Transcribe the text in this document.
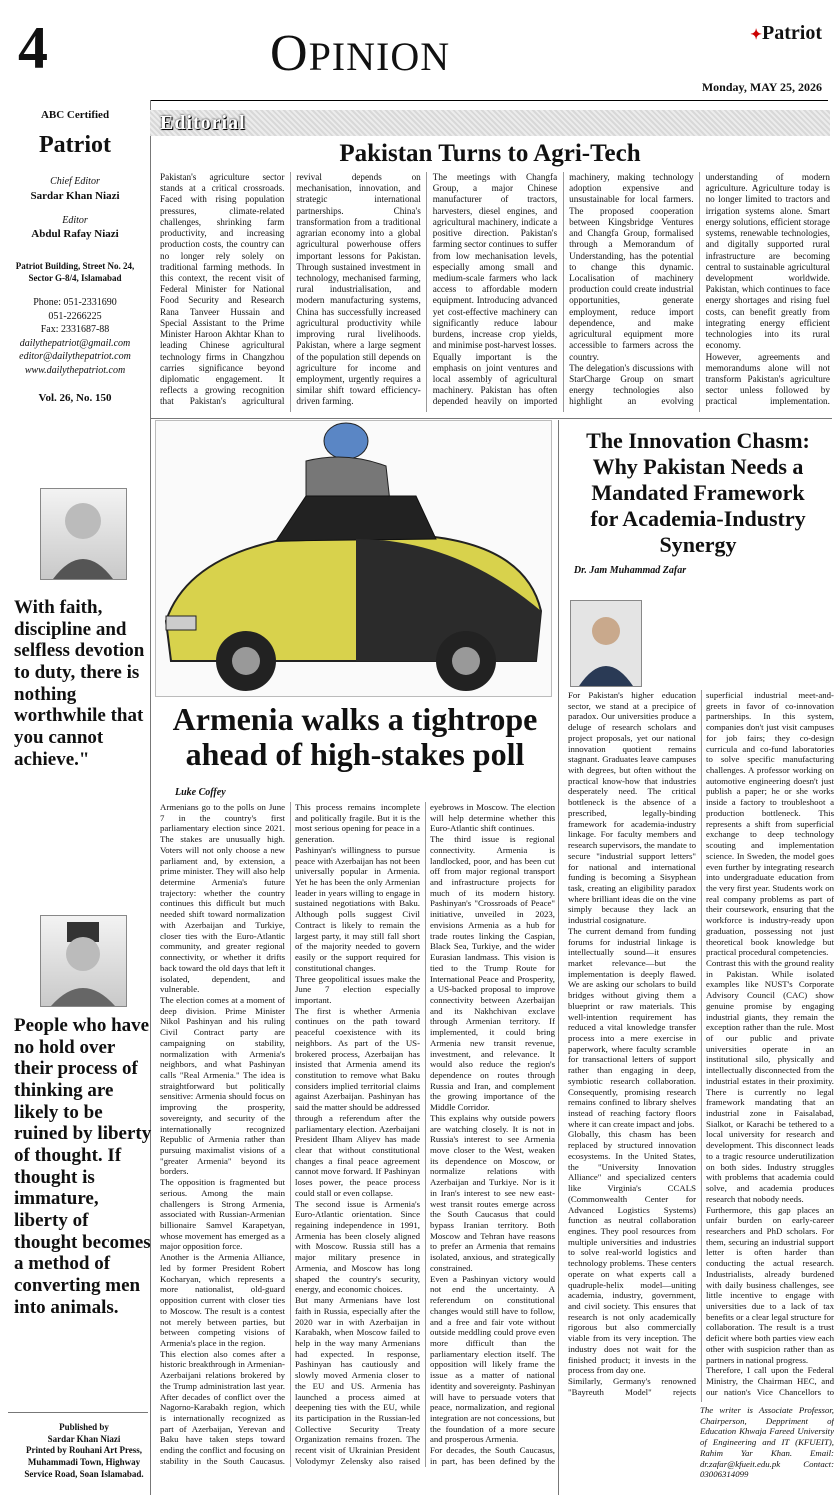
4	OPINION	✦Patriot
Monday, MAY 25, 2026
ABC Certified
Patriot
Chief Editor
Sardar Khan Niazi
Editor
Abdul Rafay Niazi
Patriot Building, Street No. 24,
Sector G-8/4, Islamabad
Phone: 051-2331690
051-2266225
Fax: 2331687-88
dailythepatriot@gmail.com
editor@dailythepatriot.com
www.dailythepatriot.com
Vol. 26, No. 150
Editorial
Pakistan Turns to Agri-Tech

Pakistan's agriculture sector stands at a critical crossroads. Faced with rising population pressures, climate-related challenges, shrinking farm productivity, and increasing production costs, the country can no longer rely solely on traditional farming methods. In this context, the recent visit of Federal Minister for National Food Security and Research Rana Tanveer Hussain and Special Assistant to the Prime Minister Haroon Akhtar Khan to leading Chinese agricultural technology firms in Changzhou carries significance beyond diplomatic engagement. It reflects a growing recognition that Pakistan's agricultural revival depends on mechanisation, innovation, and strategic international partnerships. China's transformation from a traditional agrarian economy into a global agricultural powerhouse offers important lessons for Pakistan. Through sustained investment in technology, mechanised farming, rural industrialisation, and modern manufacturing systems, China has successfully increased agricultural productivity while improving rural livelihoods. Pakistan, where a large segment of the population still depends on agriculture for income and employment, urgently requires a similar shift toward efficiency-driven farming.

The meetings with Changfa Group, a major Chinese manufacturer of tractors, harvesters, diesel engines, and agricultural machinery, indicate a positive direction. Pakistan's farming sector continues to suffer from low mechanisation levels, especially among small and medium-scale farmers who lack access to affordable modern equipment. Introducing advanced yet cost-effective machinery can significantly reduce labour burdens, increase crop yields, and minimise post-harvest losses.

Equally important is the emphasis on joint ventures and local assembly of agricultural machinery. Pakistan has often depended heavily on imported machinery, making technology adoption expensive and unsustainable for local farmers. The proposed cooperation between Kingsbridge Ventures and Changfa Group, formalised through a Memorandum of Understanding, has the potential to change this dynamic. Localisation of machinery production could create industrial opportunities, generate employment, reduce import dependence, and make agricultural equipment more accessible to farmers across the country.

The delegation's discussions with StarCharge Group on smart energy technologies also highlight an evolving understanding of modern agriculture. Agriculture today is no longer limited to tractors and irrigation systems alone. Smart energy solutions, efficient storage systems, renewable technologies, and digitally supported rural infrastructure are becoming central to sustainable agricultural development worldwide. Pakistan, which continues to face energy shortages and rising fuel costs, can benefit greatly from integrating energy efficient technologies into its rural economy.

However, agreements and memorandums alone will not transform Pakistan's agriculture sector unless followed by practical implementation.

With faith, discipline and selfless devotion to duty, there is nothing worthwhile that you cannot achieve."
People who have no hold over their process of thinking are likely to be ruined by liberty of thought. If thought is immature, liberty of thought becomes a method of converting men into animals.
Published by
Sardar Khan Niazi
Printed by Rouhani Art Press,
Muhammadi Town, Highway
Service Road, Soan Islamabad.
Armenia walks a tightrope
ahead of high-stakes poll
Luke Coffey

Armenians go to the polls on June 7 in the country's first parliamentary election since 2021. The stakes are unusually high. Voters will not only choose a new parliament and, by extension, a prime minister. They will also help determine Armenia's future trajectory: whether the country continues this difficult but much needed shift toward normalization with Azerbaijan and Turkiye, closer ties with the Euro-Atlantic community, and greater regional connectivity, or whether it drifts back toward the old days that left it isolated, dependent, and vulnerable.

The election comes at a moment of deep division. Prime Minister Nikol Pashinyan and his ruling Civil Contract party are campaigning on stability, normalization with Armenia's neighbors, and what Pashinyan calls "Real Armenia." The idea is straightforward but politically sensitive: Armenia should focus on improving the prosperity, sovereignty, and security of the internationally recognized Republic of Armenia rather than pursuing maximalist visions of a "greater Armenia" beyond its borders.

The opposition is fragmented but serious. Among the main challengers is Strong Armenia, associated with Russian-Armenian billionaire Samvel Karapetyan, whose movement has emerged as a major opposition force.

Another is the Armenia Alliance, led by former President Robert Kocharyan, which represents a more nationalist, old-guard opposition current with closer ties to Moscow. The result is a contest not merely between parties, but between competing visions of Armenia's place in the region.

This election also comes after a historic breakthrough in Armenian-Azerbaijani relations brokered by the Trump administration last year. After decades of conflict over the Nagorno-Karabakh region, which is internationally recognized as part of Azerbaijan, Yerevan and Baku have taken steps toward ending the conflict and focusing on stability in the South Caucasus. This process remains incomplete and politically fragile. But it is the most serious opening for peace in a generation.

Pashinyan's willingness to pursue peace with Azerbaijan has not been universally popular in Armenia. Yet he has been the only Armenian leader in years willing to engage in sustained negotiations with Baku. Although polls suggest Civil Contract is likely to remain the largest party, it may still fall short of the majority needed to govern easily or the support required for constitutional changes.

Three geopolitical issues make the June 7 election especially important.

The first is whether Armenia continues on the path toward peaceful coexistence with its neighbors. As part of the US-brokered process, Azerbaijan has insisted that Armenia amend its constitution to remove what Baku considers implied territorial claims against Azerbaijan. Pashinyan has said the matter should be addressed through a referendum after the parliamentary election. Azerbaijani President Ilham Aliyev has made clear that without constitutional changes a final peace agreement cannot move forward. If Pashinyan loses power, the peace process could stall or even collapse.

The second issue is Armenia's Euro-Atlantic orientation. Since regaining independence in 1991, Armenia has been closely aligned with Moscow. Russia still has a major military presence in Armenia, and Moscow has long shaped the country's security, energy, and economic choices.

But many Armenians have lost faith in Russia, especially after the 2020 war in with Azerbaijan in Karabakh, when Moscow failed to help in the way many Armenians had expected. In response, Pashinyan has cautiously and slowly moved Armenia closer to the EU and US. Armenia has launched a process aimed at deepening ties with the EU, while its participation in the Russian-led Collective Security Treaty Organization remains frozen. The recent visit of Ukrainian President Volodymyr Zelensky also raised eyebrows in Moscow. The election will help determine whether this Euro-Atlantic shift continues.

The third issue is regional connectivity. Armenia is landlocked, poor, and has been cut off from major regional transport and infrastructure projects for much of its modern history. Pashinyan's "Crossroads of Peace" initiative, unveiled in 2023, envisions Armenia as a hub for trade routes linking the Caspian, Black Sea, Turkiye, and the wider Eurasian landmass. This vision is tied to the Trump Route for International Peace and Prosperity, a US-backed proposal to improve connectivity between Azerbaijan and its Nakhchivan exclave through Armenian territory. If implemented, it could bring Armenia new transit revenue, investment, and relevance. It would also reduce the region's dependence on routes through Russia and Iran, and complement the growing importance of the Middle Corridor.

This explains why outside powers are watching closely. It is not in Russia's interest to see Armenia move closer to the West, weaken its dependence on Moscow, or normalize relations with Azerbaijan and Turkiye. Nor is it in Iran's interest to see new east-west transit routes emerge across the South Caucasus that could bypass Iranian territory. Both Moscow and Tehran have reasons to prefer an Armenia that remains isolated, anxious, and strategically constrained.

Even a Pashinyan victory would not end the uncertainty. A referendum on constitutional changes would still have to follow, and a free and fair vote without outside meddling could prove even more difficult than the parliamentary election itself. The opposition will likely frame the issue as a matter of national identity and sovereignty. Pashinyan will have to persuade voters that peace, normalization, and regional integration are not concessions, but the foundation of a more secure and prosperous Armenia.

For decades, the South Caucasus, in part, has been defined by the

The Innovation Chasm:
Why Pakistan Needs a
Mandated Framework
for Academia-Industry
Synergy
Dr. Jam Muhammad Zafar

For Pakistan's higher education sector, we stand at a precipice of paradox. Our universities produce a deluge of research scholars and project proposals, yet our national innovation quotient remains stagnant. Graduates leave campuses with degrees, but often without the practical know-how that industries desperately need. The critical bottleneck is the absence of a prescribed, legally-binding framework for academia-industry linkage. For faculty members and research supervisors, the mandate to secure "industrial support letters" for national and international funding is becoming a Sisyphean task, creating an eligibility paradox where brilliant ideas die on the vine simply because they lack an industrial cosignature.

The current demand from funding forums for industrial linkage is intellectually sound—it ensures market relevance—but the implementation is deeply flawed. We are asking our scholars to build bridges without giving them a blueprint or raw materials. This well-intention requirement has reduced a vital knowledge transfer process into a mere exercise in paperwork, where faculty scramble for transactional letters of support rather than engaging in deep, symbiotic research collaboration. Consequently, promising research remains confined to library shelves instead of reaching factory floors where it can create impact and jobs.

Globally, this chasm has been replaced by structured innovation ecosystems. In the United States, the "University Innovation Alliance" and specialized centers like Virginia's CCALS (Commonwealth Center for Advanced Logistics Systems) function as neutral collaboration engines. They pool resources from multiple universities and industries to solve real-world logistics and technology problems. These centers operate on what experts call a quadruple-helix model—uniting academia, industry, government, and civil society. This ensures that research is not only academically rigorous but also commercially viable from its very inception. The industry does not wait for the finished product; it invests in the process from day one.

Similarly, Germany's renowned "Bayreuth Model" rejects superficial industrial meet-and-greets in favor of co-innovation partnerships. In this system, companies don't just visit campuses for job fairs; they co-design curricula and co-fund laboratories to solve specific manufacturing challenges. A professor working on automotive engineering doesn't just publish a paper; he or she works inside a factory to troubleshoot a production bottleneck. This represents a shift from superficial exchange to deep technology scouting and implementation science. In Sweden, the model goes even further by integrating research into undergraduate education from the very first year. Students work on real company problems as part of their coursework, ensuring that the workforce is industry-ready upon graduation, possessing not just theoretical book knowledge but practical procedural competencies.

Contrast this with the ground reality in Pakistan. While isolated examples like NUST's Corporate Advisory Council (CAC) show genuine promise by engaging industrial giants, they remain the exception rather than the rule. Most of our public and private universities operate in an institutional silo, physically and intellectually disconnected from the industrial estates in their proximity. There is currently no legal framework mandating that an industrial zone in Faisalabad, Sialkot, or Karachi be tethered to a local university for research and development. This disconnect leads to a tragic resource underutilization on both sides. Industry struggles with problems that academia could solve, and academia produces research that nobody needs.

Furthermore, this gap places an unfair burden on early-career researchers and PhD scholars. For them, securing an industrial support letter is often harder than conducting the actual research. Industrialists, already burdened with daily business challenges, see little incentive to engage with universities due to a lack of tax benefits or a clear legal structure for collaboration. The result is a trust deficit where both parties view each other with suspicion rather than as partners in national progress.

Therefore, I call upon the Federal Ministry, the Chairman HEC, and our nation's Vice Chancellors to

The writer is Associate Professor, Chairperson, Deppriment of Education Khwaja Fareed University of Engineering and IT (KFUEIT), Rahim Yar Khan. Email: dr.zafar@kfueit.edu.pk Contact: 03006314099
